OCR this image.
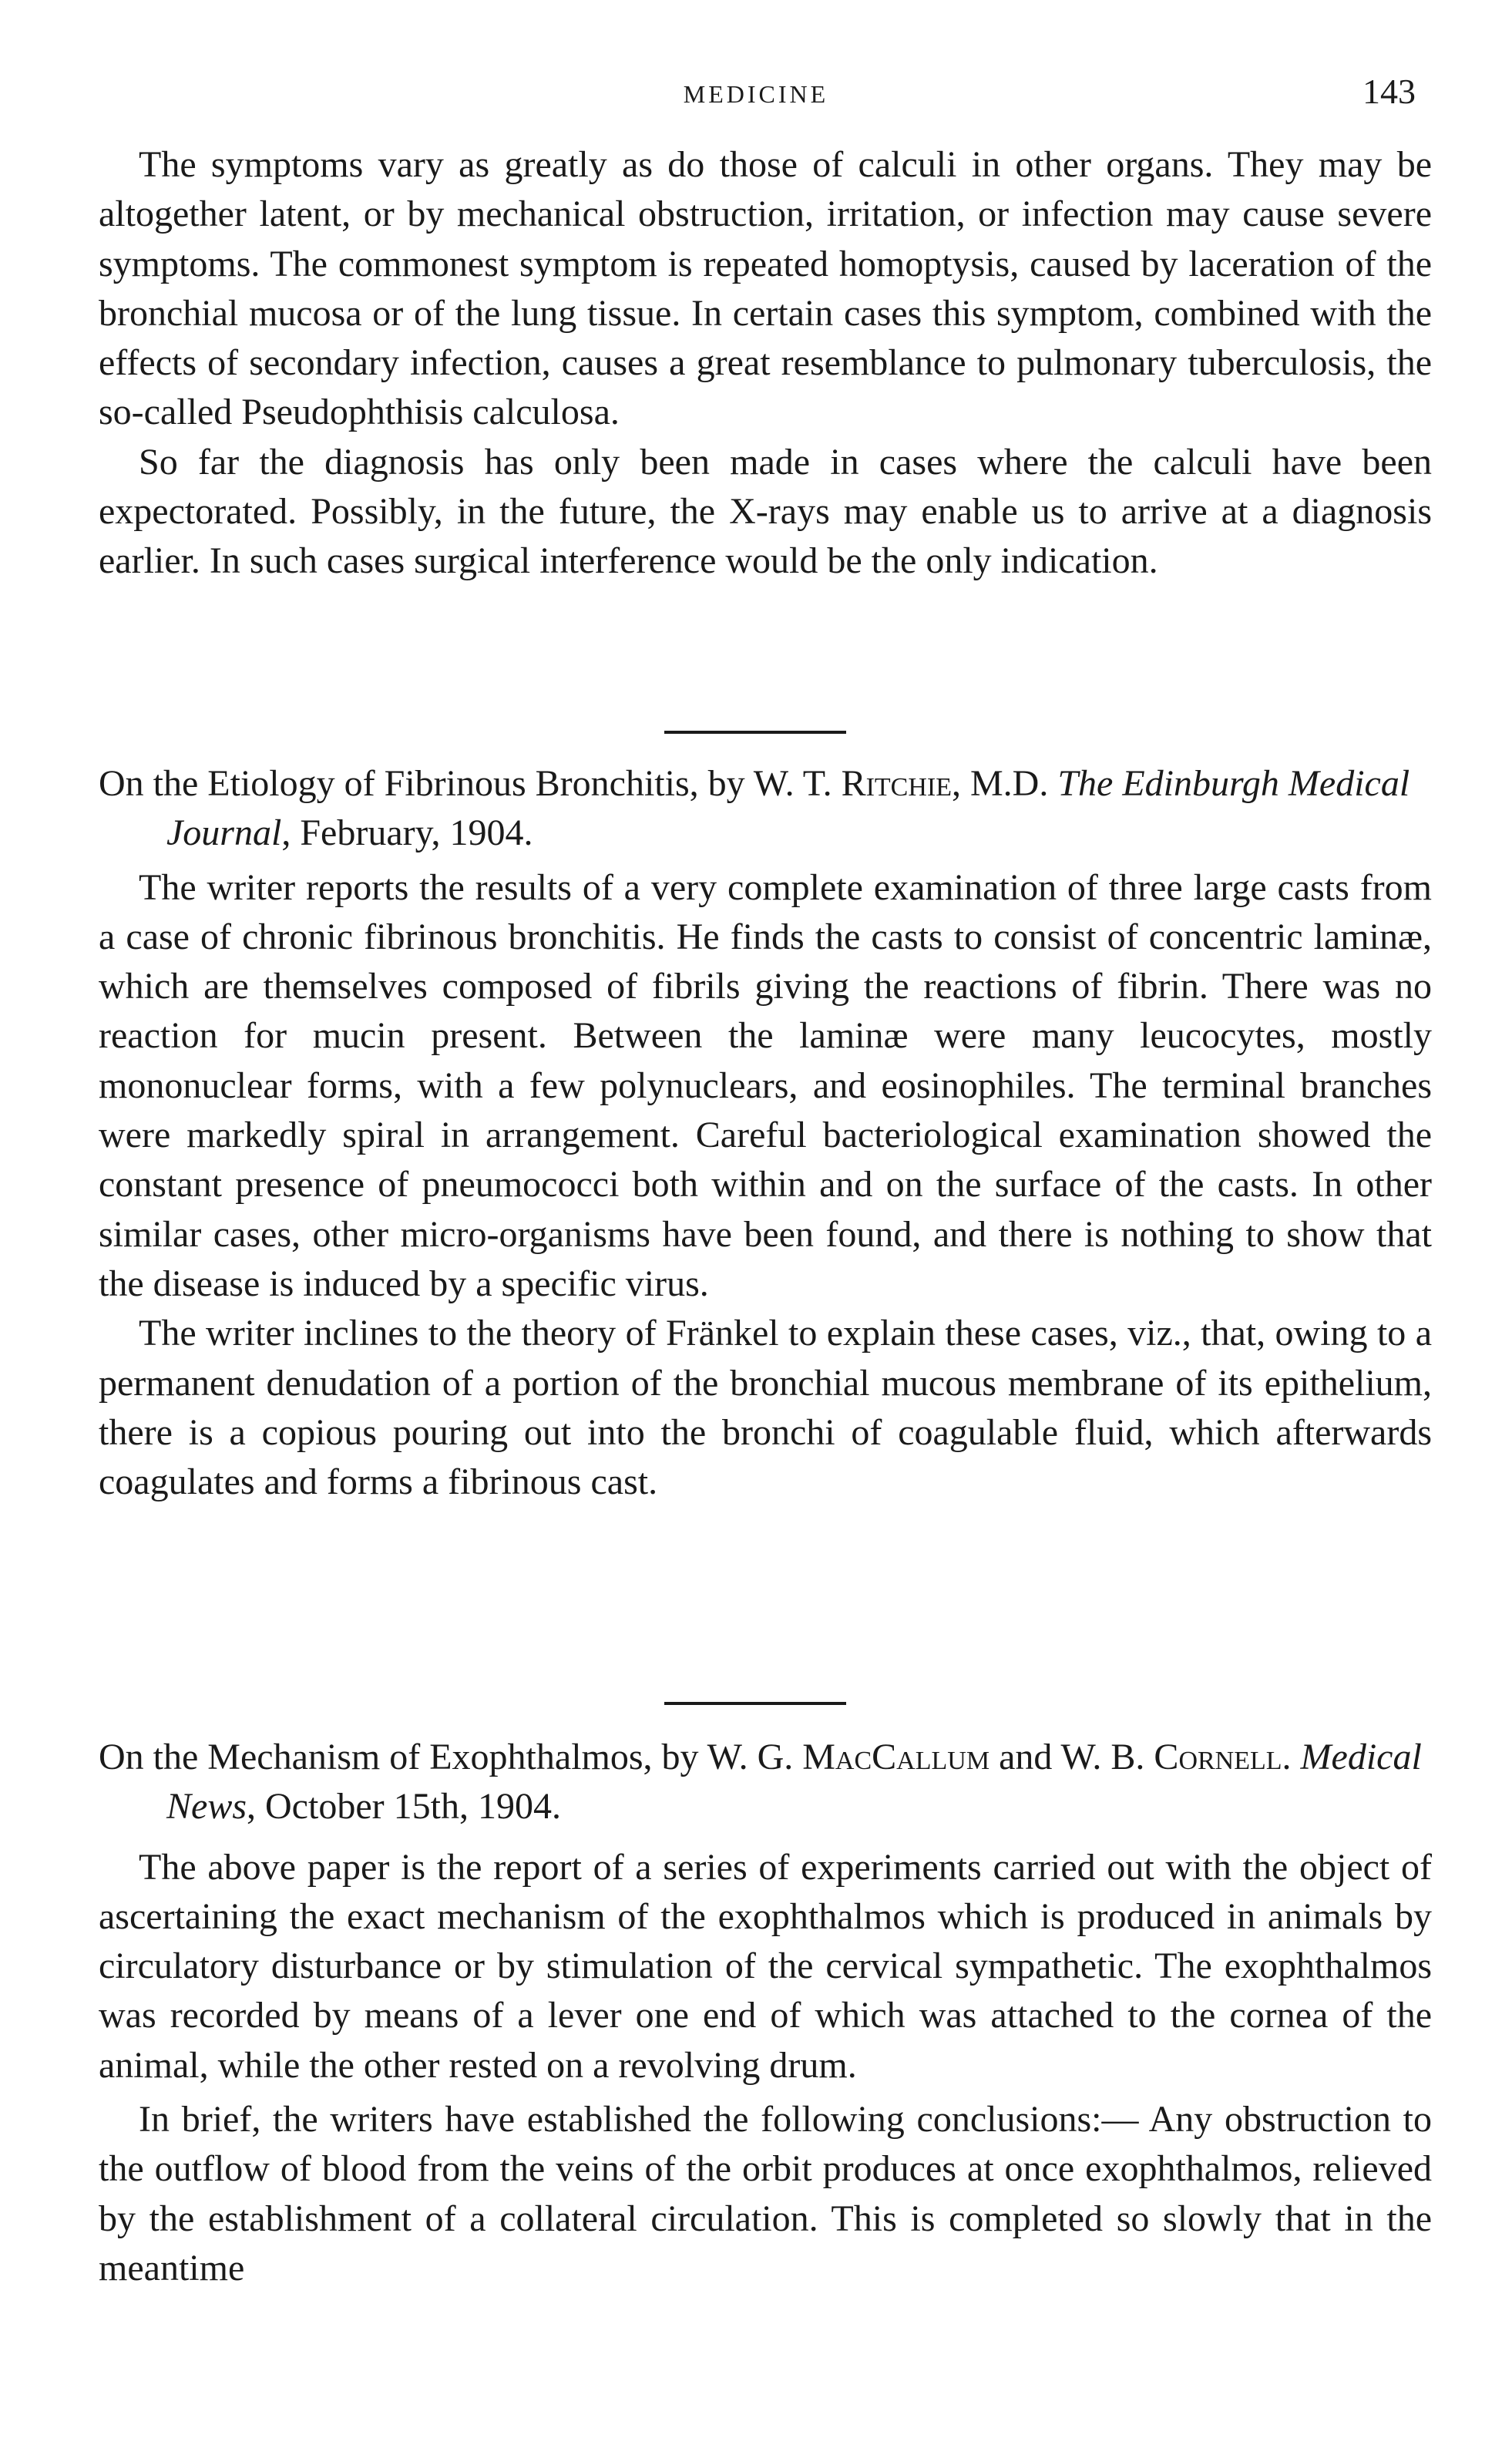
MEDICINE	143

The symptoms vary as greatly as do those of calculi in other organs. They may be altogether latent, or by mechanical obstruction, irritation, or infection may cause severe symptoms. The commonest symptom is repeated homoptysis, caused by laceration of the bronchial mucosa or of the lung tissue. In certain cases this symptom, combined with the effects of secondary infection, causes a great resemblance to pulmonary tuberculosis, the so-called Pseudophthisis calculosa.

So far the diagnosis has only been made in cases where the calculi have been expectorated. Possibly, in the future, the X-rays may enable us to arrive at a diagnosis earlier. In such cases surgical interference would be the only indication.

On the Etiology of Fibrinous Bronchitis, by W. T. Ritchie, M.D. The Edinburgh Medical Journal, February, 1904.

The writer reports the results of a very complete examination of three large casts from a case of chronic fibrinous bronchitis. He finds the casts to consist of concentric laminæ, which are themselves composed of fibrils giving the reactions of fibrin. There was no reaction for mucin present. Between the laminæ were many leucocytes, mostly mononuclear forms, with a few polynuclears, and eosinophiles. The terminal branches were markedly spiral in arrangement. Careful bacteriological examination showed the constant presence of pneumococci both within and on the surface of the casts. In other similar cases, other micro-organisms have been found, and there is nothing to show that the disease is induced by a specific virus.

The writer inclines to the theory of Fränkel to explain these cases, viz., that, owing to a permanent denudation of a portion of the bronchial mucous membrane of its epithelium, there is a copious pouring out into the bronchi of coagulable fluid, which afterwards coagulates and forms a fibrinous cast.

On the Mechanism of Exophthalmos, by W. G. MacCallum and W. B. Cornell. Medical News, October 15th, 1904.

The above paper is the report of a series of experiments carried out with the object of ascertaining the exact mechanism of the exophthalmos which is produced in animals by circulatory disturbance or by stimulation of the cervical sympathetic. The exophthalmos was recorded by means of a lever one end of which was attached to the cornea of the animal, while the other rested on a revolving drum.

In brief, the writers have established the following conclusions:— Any obstruction to the outflow of blood from the veins of the orbit produces at once exophthalmos, relieved by the establishment of a collateral circulation. This is completed so slowly that in the meantime
